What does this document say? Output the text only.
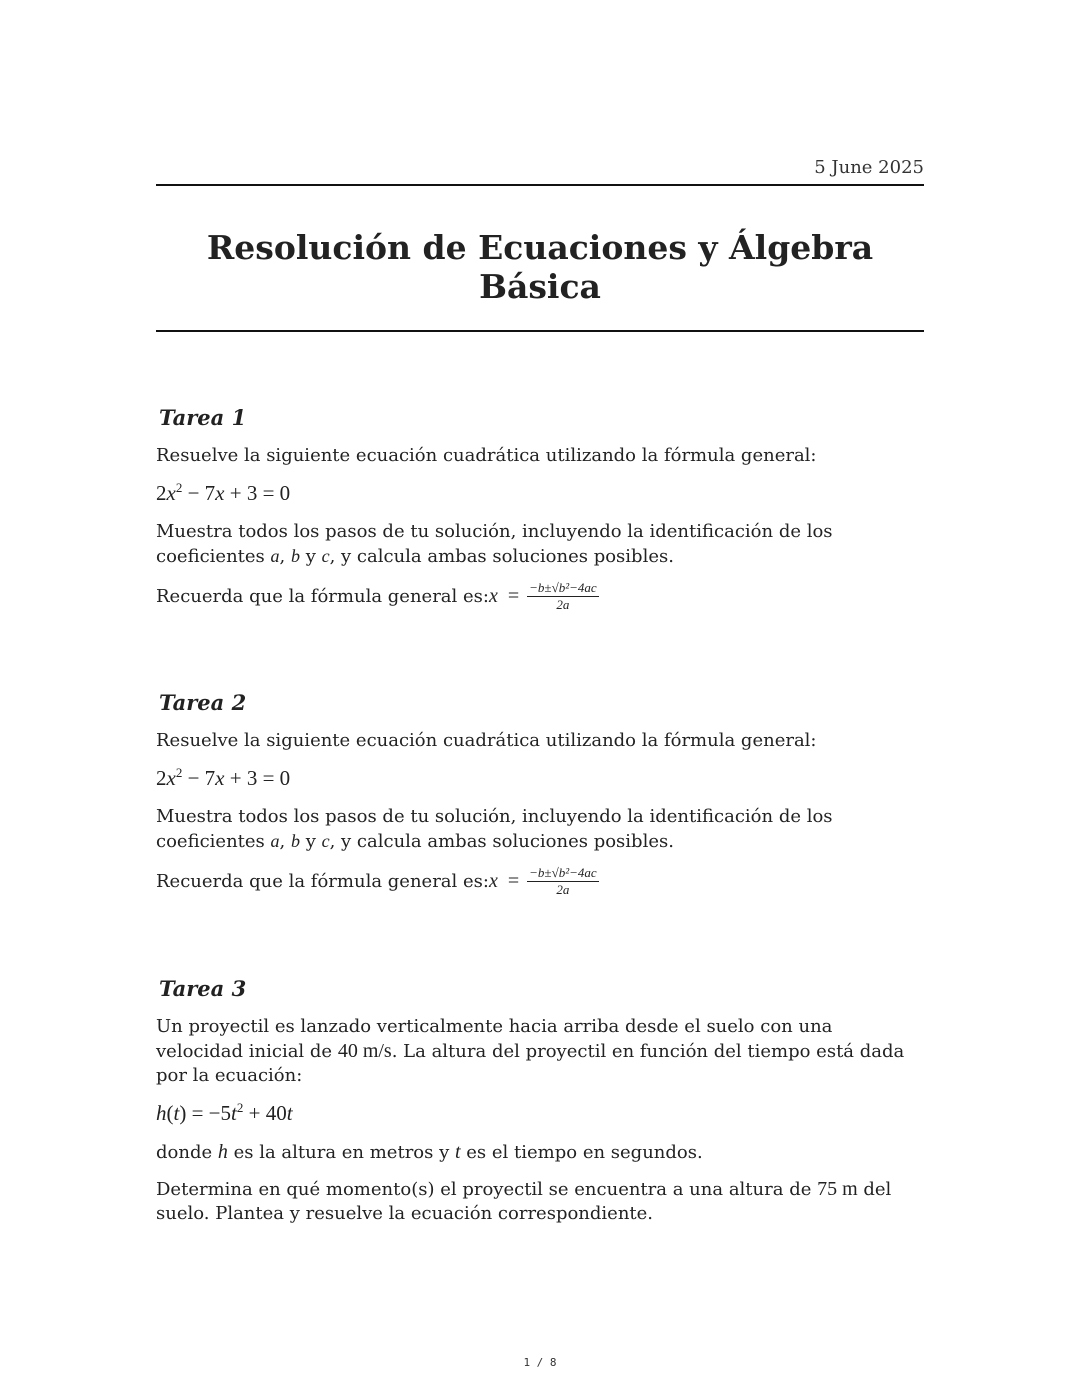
5 June 2025
Resolución de Ecuaciones y Álgebra Básica
Tarea 1

Resuelve la siguiente ecuación cuadrática utilizando la fórmula general:

$2x^2 - 7x + 3 = 0$

Muestra todos los pasos de tu solución, incluyendo la identificación de los coeficientes a, b y c, y calcula ambas soluciones posibles.

Recuerda que la fórmula general es: $x = \frac{\text{−b±√b²−4ac}}{2a}$
Tarea 2

Resuelve la siguiente ecuación cuadrática utilizando la fórmula general:

$2x^2 - 7x + 3 = 0$

Muestra todos los pasos de tu solución, incluyendo la identificación de los coeficientes a, b y c, y calcula ambas soluciones posibles.

Recuerda que la fórmula general es: $x = \frac{\text{−b±√b²−4ac}}{2a}$
Tarea 3

Un proyectil es lanzado verticalmente hacia arriba desde el suelo con una velocidad inicial de 40 m/s. La altura del proyectil en función del tiempo está dada por la ecuación:

$h(t) = -5t^2 + 40t$

donde h es la altura en metros y t es el tiempo en segundos.

Determina en qué momento(s) el proyectil se encuentra a una altura de 75 m del suelo. Plantea y resuelve la ecuación correspondiente.

1 / 8
